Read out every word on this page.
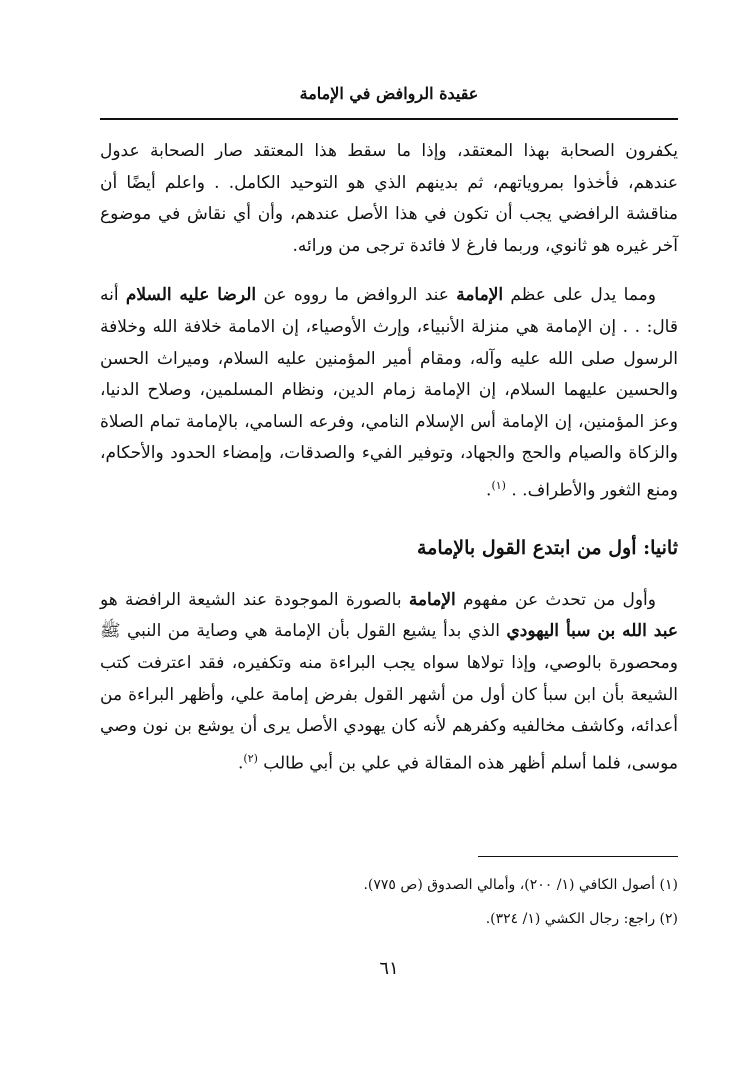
عقيدة الروافض في الإمامة

يكفرون الصحابة بهذا المعتقد، وإذا ما سقط هذا المعتقد صار الصحابة عدول عندهم، فأخذوا بمروياتهم، ثم بدينهم الذي هو التوحيد الكامل. . واعلم أيضًا أن مناقشة الرافضي يجب أن تكون في هذا الأصل عندهم، وأن أي نقاش في موضوع آخر غيره هو ثانوي، وربما فارغ لا فائدة ترجى من ورائه.

ومما يدل على عظم الإمامة عند الروافض ما رووه عن الرضا عليه السلام أنه قال: . . إن الإمامة هي منزلة الأنبياء، وإرث الأوصياء، إن الامامة خلافة الله وخلافة الرسول صلى الله عليه وآله، ومقام أمير المؤمنين عليه السلام، وميراث الحسن والحسين عليهما السلام، إن الإمامة زمام الدين، ونظام المسلمين، وصلاح الدنيا، وعز المؤمنين، إن الإمامة أس الإسلام النامي، وفرعه السامي، بالإمامة تمام الصلاة والزكاة والصيام والحج والجهاد، وتوفير الفيء والصدقات، وإمضاء الحدود والأحكام، ومنع الثغور والأطراف. . $^{(١)}$.

ثانيا: أول من ابتدع القول بالإمامة

وأول من تحدث عن مفهوم الإمامة بالصورة الموجودة عند الشيعة الرافضة هو عبد الله بن سبأ اليهودي الذي بدأ يشيع القول بأن الإمامة هي وصاية من النبي ﷺ ومحصورة بالوصي، وإذا تولاها سواه يجب البراءة منه وتكفيره، فقد اعترفت كتب الشيعة بأن ابن سبأ كان أول من أشهر القول بفرض إمامة علي، وأظهر البراءة من أعدائه، وكاشف مخالفيه وكفرهم لأنه كان يهودي الأصل يرى أن يوشع بن نون وصي موسى، فلما أسلم أظهر هذه المقالة في علي بن أبي طالب $^{(٢)}$.

(١) أصول الكافي (١/ ٢٠٠)، وأمالي الصدوق (ص ٧٧٥).

(٢) راجع: رجال الكشي (١/ ٣٢٤).

٦١
